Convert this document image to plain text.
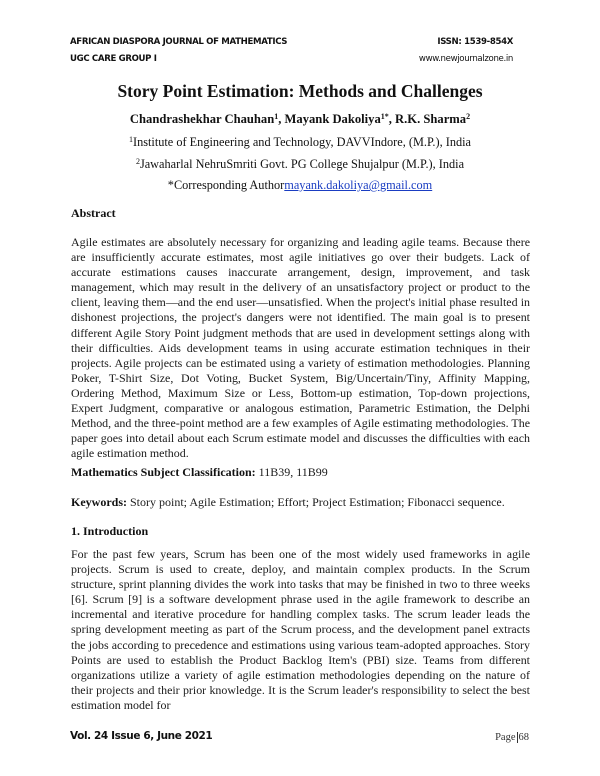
AFRICAN DIASPORA JOURNAL OF MATHEMATICS
UGC CARE GROUP I
ISSN: 1539-854X
www.newjournalzone.in
Story Point Estimation: Methods and Challenges
Chandrashekhar Chauhan$^1$, Mayank Dakoliya$^{1*}$, R.K. Sharma$^2$
$^1$Institute of Engineering and Technology, DAVVIndore, (M.P.), India
$^2$Jawaharlal NehruSmriti Govt. PG College Shujalpur (M.P.), India
*Corresponding Authormayank.dakoliya@gmail.com
Abstract
Agile estimates are absolutely necessary for organizing and leading agile teams. Because there are insufficiently accurate estimates, most agile initiatives go over their budgets. Lack of accurate estimations causes inaccurate arrangement, design, improvement, and task management, which may result in the delivery of an unsatisfactory project or product to the client, leaving them—and the end user—unsatisfied. When the project's initial phase resulted in dishonest projections, the project's dangers were not identified. The main goal is to present different Agile Story Point judgment methods that are used in development settings along with their difficulties. Aids development teams in using accurate estimation techniques in their projects. Agile projects can be estimated using a variety of estimation methodologies. Planning Poker, T-Shirt Size, Dot Voting, Bucket System, Big/Uncertain/Tiny, Affinity Mapping, Ordering Method, Maximum Size or Less, Bottom-up estimation, Top-down projections, Expert Judgment, comparative or analogous estimation, Parametric Estimation, the Delphi Method, and the three-point method are a few examples of Agile estimating methodologies. The paper goes into detail about each Scrum estimate model and discusses the difficulties with each agile estimation method.
Mathematics Subject Classification: 11B39, 11B99
Keywords: Story point; Agile Estimation; Effort; Project Estimation; Fibonacci sequence.
1. Introduction
For the past few years, Scrum has been one of the most widely used frameworks in agile projects. Scrum is used to create, deploy, and maintain complex products. In the Scrum structure, sprint planning divides the work into tasks that may be finished in two to three weeks [6]. Scrum [9] is a software development phrase used in the agile framework to describe an incremental and iterative procedure for handling complex tasks. The scrum leader leads the spring development meeting as part of the Scrum process, and the development panel extracts the jobs according to precedence and estimations using various team-adopted approaches. Story Points are used to establish the Product Backlog Item's (PBI) size. Teams from different organizations utilize a variety of agile estimation methodologies depending on the nature of their projects and their prior knowledge. It is the Scrum leader's responsibility to select the best estimation model for
Vol. 24 Issue 6, June 2021	Page 68
